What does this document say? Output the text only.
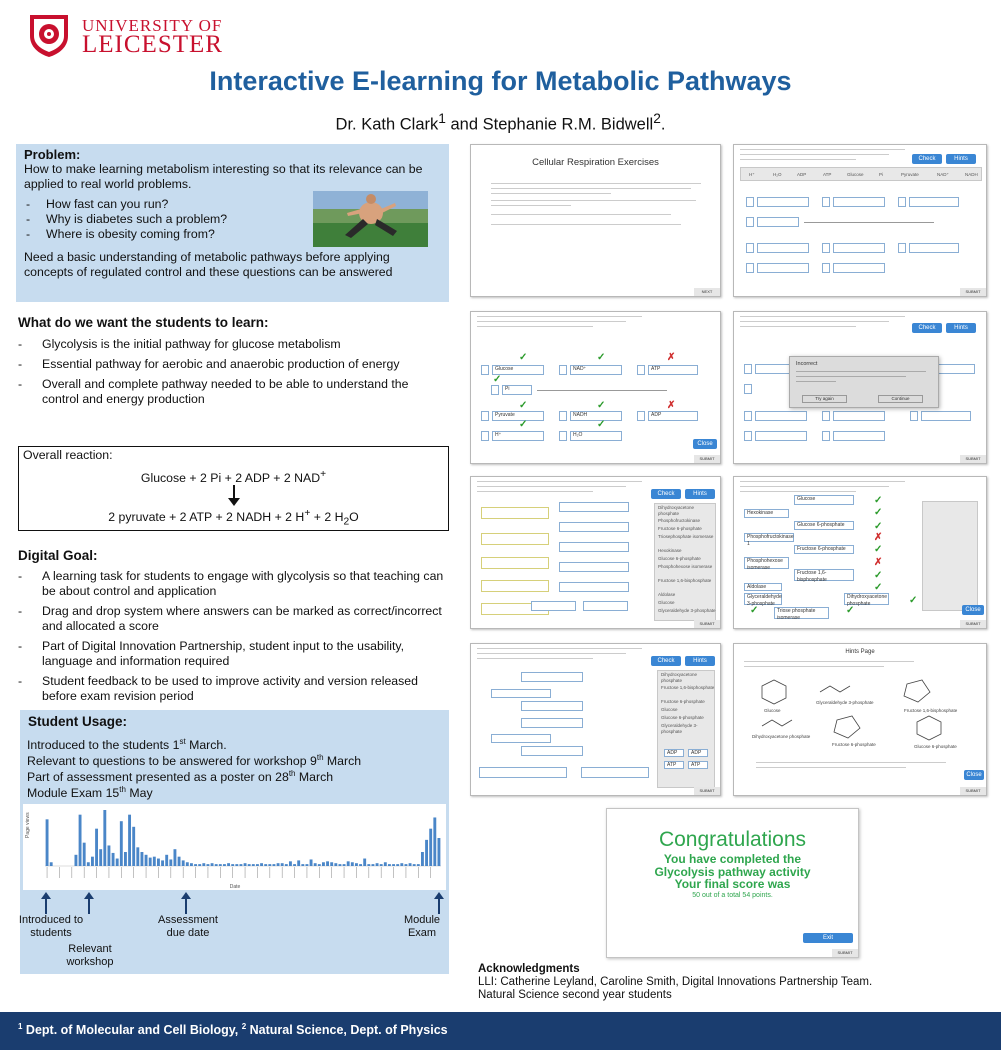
UNIVERSITY OF
LEICESTER
Interactive E-learning for Metabolic Pathways
Dr. Kath Clark$^1$ and Stephanie R.M. Bidwell$^2$.
Problem:
How to make learning metabolism interesting so that its relevance can be applied to real world problems.
- How fast can you run?
- Why is diabetes such a problem?
- Where is obesity coming from?
Need a basic understanding of metabolic pathways before applying concepts of regulated control and these questions can be answered
What do we want the students to learn:
- Glycolysis is the initial pathway for glucose metabolism
- Essential pathway for aerobic and anaerobic production of energy
- Overall and complete pathway needed to be able to understand the control and energy production
Overall reaction:
Glucose + 2 Pi + 2 ADP + 2 NAD+
2 pyruvate + 2 ATP + 2 NADH + 2 H+ + 2 $H_2O$
Digital Goal:
- A learning task for students to engage with glycolysis so that teaching can be about control and application
- Drag and drop system where answers can be marked as correct/incorrect and allocated a score
- Part of Digital Innovation Partnership, student input to the usability, language and information required
- Student feedback to be used to improve activity and version released before exam revision period
Student Usage:
Introduced to the students 1st March.
Relevant to questions to be answered for workshop 9th March
Part of assessment presented as a poster on 28th March
Module Exam 15th May
Page views
Date
Introduced to students
Relevant workshop
Assessment due date
Module Exam
Cellular Respiration Exercises
NEXT
Check	Hints
H⁺	H₂O	ADP	ATP	Glucose	Pi	Pyruvate	NAD⁺	NADH
SUBMIT
✓	✓	✗
Glucose	NAD⁺	ATP
✓
Pi
✓	✓	✗
Pyruvate	NADH	ADP
✓	✓
H⁺	H₂O
Close
SUBMIT
Check	Hints
Incorrect
Try again	Continue
SUBMIT
Check	Hints
Dihydroxyacetone phosphate
Phosphofructokinase
Fructose 6-phosphate
Triosephosphate isomerase
Hexokinase
Glucose 6-phosphate
Phosphohexose isomerase
Fructose 1,6-bisphosphate
Aldolase
Glucose
Glyceraldehyde 3-phosphate
SUBMIT
Glucose	✓
Hexokinase	✓
Glucose 6-phosphate	✓
Phosphofructokinase 1
✗
Fructose 6-phosphate	✓
Phosphohexose isomerase	✗
Fructose 1,6-bisphosphate	✓
Aldolase	✓
Glyceraldehyde 3-phosphate
Dihydroxyacetone phosphate	✓
Triose phosphate isomerase
✓	✓	Close
SUBMIT
Check	Hints
Dihydroxyacetone phosphate
Fructose 1,6-bisphosphate
Fructose 6-phosphate
Glucose
Glucose 6-phosphate
Glyceraldehyde 3-phosphate
ADP	ADP
ATP	ATP
SUBMIT
Hints Page
Glucose
Glyceraldehyde 3-phosphate
Fructose 1,6-bisphosphate
Dihydroxyacetone phosphate
Fructose 6-phosphate	Glucose 6-phosphate
Close
SUBMIT
Congratulations
You have completed the
Glycolysis pathway activity
Your final score was
50 out of a total 54 points.
Exit
SUBMIT
Acknowledgments
LLI: Catherine Leyland, Caroline Smith, Digital Innovations Partnership Team.
Natural Science second year students
$^1$ Dept. of Molecular and Cell Biology, $^2$ Natural Science, Dept. of Physics
